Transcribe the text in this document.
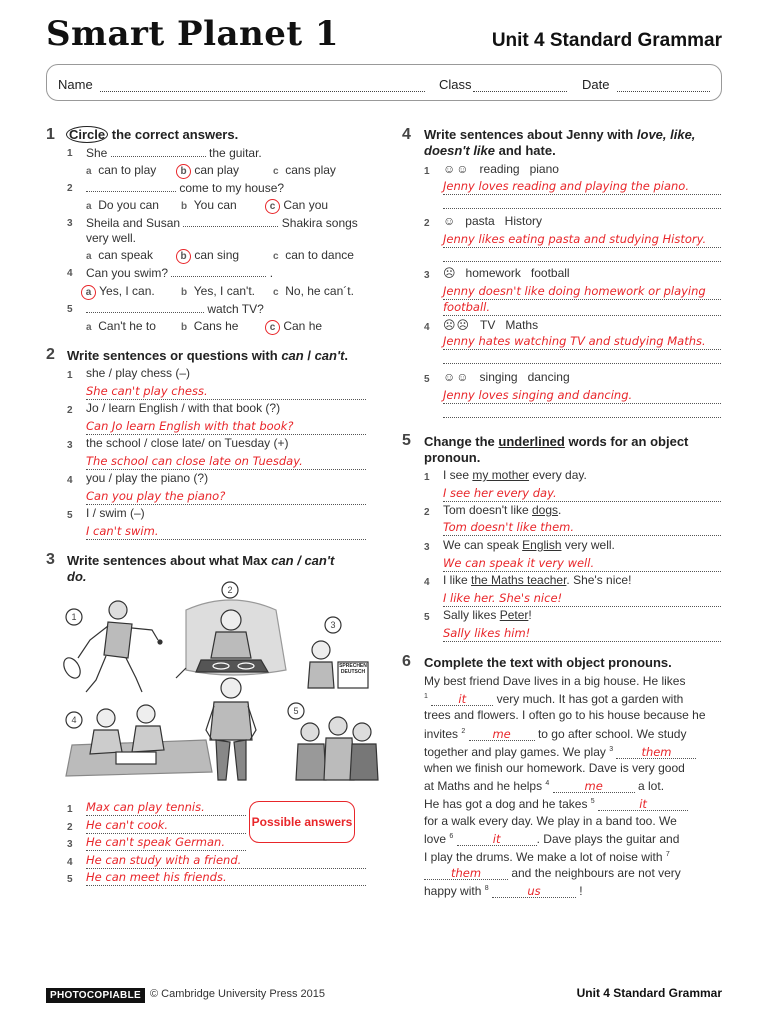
Smart Planet 1	Unit 4 Standard Grammar
Name	Class	Date
1 Circle the correct answers.
1 She	the guitar.
a can to play	b can play	c cans play
2	come to my house?
a Do you can b You can	c Can you
3 Sheila and Susan	Shakira songs
very well.
a can speak	b can sing	c can to dance
4 Can you swim?	.
a Yes, I can.	b Yes, I can't. c No, he can´t.
5	watch TV?
a Can't he to	b Cans he	c Can he
2 Write sentences or questions with can / can't.
1 she / play chess (–)
She can't play chess.
2 Jo / learn English / with that book (?)
Can Jo learn English with that book?
3 the school / close late/ on Tuesday (+)
The school can close late on Tuesday.
4 you / play the piano (?)
Can you play the piano?
5 I / swim (–)
I can't swim.
3 Write sentences about what Max can / can't
do.
1
2
3
4
5
SPRECHEN DEUTSCH
1 Max can play tennis.
2 He can't cook.
3 He can't speak German.
4 He can study with a friend.
5 He can meet his friends.
Possible answers
4 Write sentences about Jenny with love, like,
doesn't like and hate.
1 ☺☺ reading piano
Jenny loves reading and playing the piano.
2 ☺ pasta History
Jenny likes eating pasta and studying History.
3 ☹ homework football
Jenny doesn't like doing homework or playing
football.
4 ☹☹ TV Maths
Jenny hates watching TV and studying Maths.
5 ☺☺ singing dancing
Jenny loves singing and dancing.
5 Change the underlined words for an object
pronoun.
1 I see my mother every day.
I see her every day.
2 Tom doesn't like dogs.
Tom doesn't like them.
3 We can speak English very well.
We can speak it very well.
4 I like the Maths teacher. She's nice!
I like her. She's nice!
5 Sally likes Peter!
Sally likes him!
6 Complete the text with object pronouns.
My best friend Dave lives in a big house. He likes
$^1$	it very much. It has got a garden with
trees and flowers. I often go to his house because he
invites $^2$ me to go after school. We study
together and play games. We play $^3$ them
when we finish our homework. Dave is very good
at Maths and he helps $^4$	me	a lot.
He has got a dog and he takes $^5$	it
for a walk every day. We play in a band too. We
love $^6$	it	. Dave plays the guitar and
I play the drums. We make a lot of noise with $^7$
them and the neighbours are not very
happy with $^8$	us	!
PHOTOCOPIABLE © Cambridge University Press 2015	Unit 4 Standard Grammar
